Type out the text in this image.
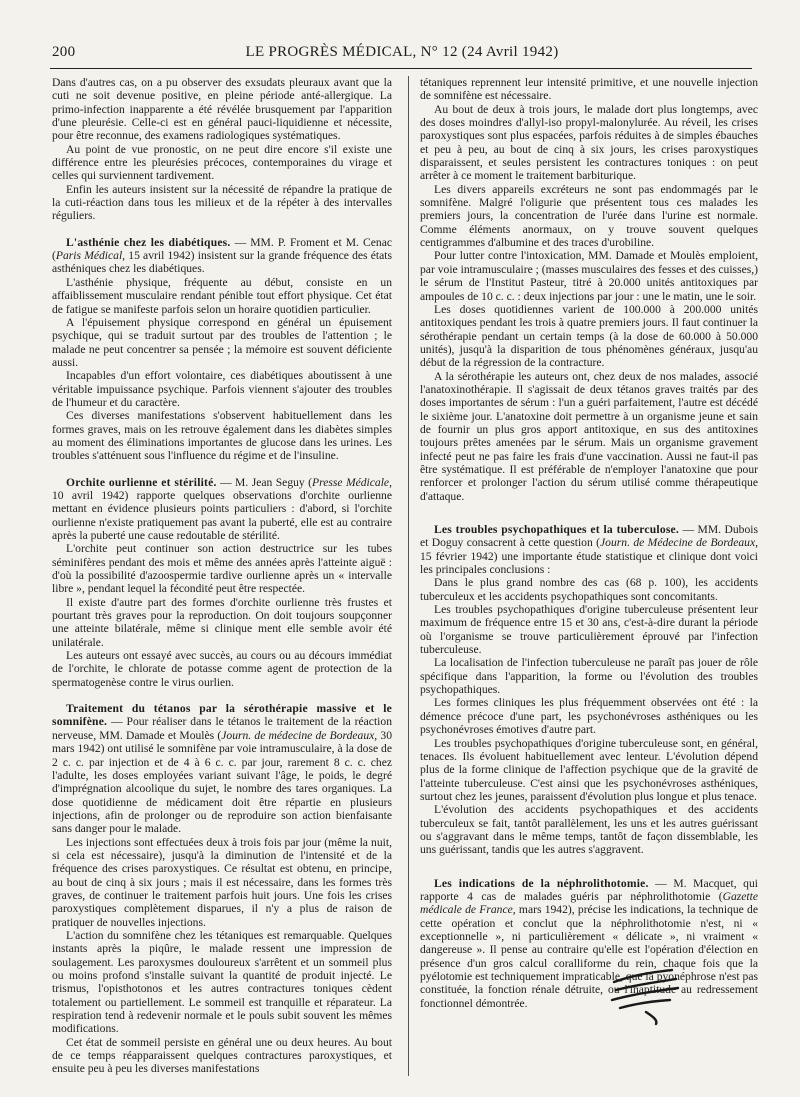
200	LE PROGRÈS MÉDICAL, N° 12 (24 Avril 1942)

Dans d'autres cas, on a pu observer des exsudats pleuraux avant que la cuti ne soit devenue positive, en pleine période anté-allergique. La primo-infection inapparente a été révélée brusquement par l'apparition d'une pleurésie. Celle-ci est en général pauci-liquidienne et nécessite, pour être reconnue, des examens radiologiques systématiques.

Au point de vue pronostic, on ne peut dire encore s'il existe une différence entre les pleurésies précoces, contemporaines du virage et celles qui surviennent tardivement.

Enfin les auteurs insistent sur la nécessité de répandre la pratique de la cuti-réaction dans tous les milieux et de la répéter à des intervalles réguliers.

L'asthénie chez les diabétiques. — MM. P. Froment et M. Cenac (Paris Médical, 15 avril 1942) insistent sur la grande fréquence des états asthéniques chez les diabétiques.

L'asthénie physique, fréquente au début, consiste en un affaiblissement musculaire rendant pénible tout effort physique. Cet état de fatigue se manifeste parfois selon un horaire quotidien particulier.

A l'épuisement physique correspond en général un épuisement psychique, qui se traduit surtout par des troubles de l'attention ; le malade ne peut concentrer sa pensée ; la mémoire est souvent déficiente aussi.

Incapables d'un effort volontaire, ces diabétiques aboutissent à une véritable impuissance psychique. Parfois viennent s'ajouter des troubles de l'humeur et du caractère.

Ces diverses manifestations s'observent habituellement dans les formes graves, mais on les retrouve également dans les diabètes simples au moment des éliminations importantes de glucose dans les urines. Les troubles s'atténuent sous l'influence du régime et de l'insuline.

Orchite ourlienne et stérilité. — M. Jean Seguy (Presse Médicale, 10 avril 1942) rapporte quelques observations d'orchite ourlienne mettant en évidence plusieurs points particuliers : d'abord, si l'orchite ourlienne n'existe pratiquement pas avant la puberté, elle est au contraire après la puberté une cause redoutable de stérilité.

L'orchite peut continuer son action destructrice sur les tubes séminifères pendant des mois et même des années après l'atteinte aiguë : d'où la possibilité d'azoospermie tardive ourlienne après un « intervalle libre », pendant lequel la fécondité peut être respectée.

Il existe d'autre part des formes d'orchite ourlienne très frustes et pourtant très graves pour la reproduction. On doit toujours soupçonner une atteinte bilatérale, même si clinique ment elle semble avoir été unilatérale.

Les auteurs ont essayé avec succès, au cours ou au décours immédiat de l'orchite, le chlorate de potasse comme agent de protection de la spermatogenèse contre le virus ourlien.

Traitement du tétanos par la sérothérapie massive et le somnifène. — Pour réaliser dans le tétanos le traitement de la réaction nerveuse, MM. Damade et Moulès (Journ. de médecine de Bordeaux, 30 mars 1942) ont utilisé le somnifène par voie intramusculaire, à la dose de 2 c. c. par injection et de 4 à 6 c. c. par jour, rarement 8 c. c. chez l'adulte, les doses employées variant suivant l'âge, le poids, le degré d'imprégnation alcoolique du sujet, le nombre des tares organiques. La dose quotidienne de médicament doit être répartie en plusieurs injections, afin de prolonger ou de reproduire son action bienfaisante sans danger pour le malade.

Les injections sont effectuées deux à trois fois par jour (même la nuit, si cela est nécessaire), jusqu'à la diminution de l'intensité et de la fréquence des crises paroxystiques. Ce résultat est obtenu, en principe, au bout de cinq à six jours ; mais il est nécessaire, dans les formes très graves, de continuer le traitement parfois huit jours. Une fois les crises paroxystiques complètement disparues, il n'y a plus de raison de pratiquer de nouvelles injections.

L'action du somnifène chez les tétaniques est remarquable. Quelques instants après la piqûre, le malade ressent une impression de soulagement. Les paroxysmes douloureux s'arrêtent et un sommeil plus ou moins profond s'installe suivant la quantité de produit injecté. Le trismus, l'opisthotonos et les autres contractures toniques cèdent totalement ou partiellement. Le sommeil est tranquille et réparateur. La respiration tend à redevenir normale et le pouls subit souvent les mêmes modifications.

Cet état de sommeil persiste en général une ou deux heures. Au bout de ce temps réapparaissent quelques contractures paroxystiques, et ensuite peu à peu les diverses manifestations

tétaniques reprennent leur intensité primitive, et une nouvelle injection de somnifène est nécessaire.

Au bout de deux à trois jours, le malade dort plus longtemps, avec des doses moindres d'allyl-iso propyl-malonylurée. Au réveil, les crises paroxystiques sont plus espacées, parfois réduites à de simples ébauches et peu à peu, au bout de cinq à six jours, les crises paroxystiques disparaissent, et seules persistent les contractures toniques : on peut arrêter à ce moment le traitement barbiturique.

Les divers appareils excréteurs ne sont pas endommagés par le somnifène. Malgré l'oligurie que présentent tous ces malades les premiers jours, la concentration de l'urée dans l'urine est normale. Comme éléments anormaux, on y trouve souvent quelques centigrammes d'albumine et des traces d'urobiline.

Pour lutter contre l'intoxication, MM. Damade et Moulès emploient, par voie intramusculaire ; (masses musculaires des fesses et des cuisses,) le sérum de l'Institut Pasteur, titré à 20.000 unités antitoxiques par ampoules de 10 c. c. : deux injections par jour : une le matin, une le soir.

Les doses quotidiennes varient de 100.000 à 200.000 unités antitoxiques pendant les trois à quatre premiers jours. Il faut continuer la sérothérapie pendant un certain temps (à la dose de 60.000 à 50.000 unités), jusqu'à la disparition de tous phénomènes généraux, jusqu'au début de la régression de la contracture.

A la sérothérapie les auteurs ont, chez deux de nos malades, associé l'anatoxinothérapie. Il s'agissait de deux tétanos graves traités par des doses importantes de sérum : l'un a guéri parfaitement, l'autre est décédé le sixième jour. L'anatoxine doit permettre à un organisme jeune et sain de fournir un plus gros apport antitoxique, en sus des antitoxines toujours prêtes amenées par le sérum. Mais un organisme gravement infecté peut ne pas faire les frais d'une vaccination. Aussi ne faut-il pas être systématique. Il est préférable de n'employer l'anatoxine que pour renforcer et prolonger l'action du sérum utilisé comme thérapeutique d'attaque.

Les troubles psychopathiques et la tuberculose. — MM. Dubois et Doguy consacrent à cette question (Journ. de Médecine de Bordeaux, 15 février 1942) une importante étude statistique et clinique dont voici les principales conclusions :

Dans le plus grand nombre des cas (68 p. 100), les accidents tuberculeux et les accidents psychopathiques sont concomitants.

Les troubles psychopathiques d'origine tuberculeuse présentent leur maximum de fréquence entre 15 et 30 ans, c'est-à-dire durant la période où l'organisme se trouve particulièrement éprouvé par l'infection tuberculeuse.

La localisation de l'infection tuberculeuse ne paraît pas jouer de rôle spécifique dans l'apparition, la forme ou l'évolution des troubles psychopathiques.

Les formes cliniques les plus fréquemment observées ont été : la démence précoce d'une part, les psychonévroses asthéniques ou les psychonévroses émotives d'autre part.

Les troubles psychopathiques d'origine tuberculeuse sont, en général, tenaces. Ils évoluent habituellement avec lenteur. L'évolution dépend plus de la forme clinique de l'affection psychique que de la gravité de l'atteinte tuberculeuse. C'est ainsi que les psychonévroses asthéniques, surtout chez les jeunes, paraissent d'évolution plus longue et plus tenace.

L'évolution des accidents psychopathiques et des accidents tuberculeux se fait, tantôt parallèlement, les uns et les autres guérissant ou s'aggravant dans le même temps, tantôt de façon dissemblable, les uns guérissant, tandis que les autres s'aggravent.

Les indications de la néphrolithotomie. — M. Macquet, qui rapporte 4 cas de malades guéris par néphrolithotomie (Gazette médicale de France, mars 1942), précise les indications, la technique de cette opération et conclut que la néphrolithotomie n'est, ni « exceptionnelle », ni particulièrement « délicate », ni vraiment « dangereuse ». Il pense au contraire qu'elle est l'opération d'élection en présence d'un gros calcul coralliforme du rein, chaque fois que la pyélotomie est techniquement impraticable, que la pyonéphrose n'est pas constituée, la fonction rénale détruite, ou l'inaptitude au redressement fonctionnel démontrée.
